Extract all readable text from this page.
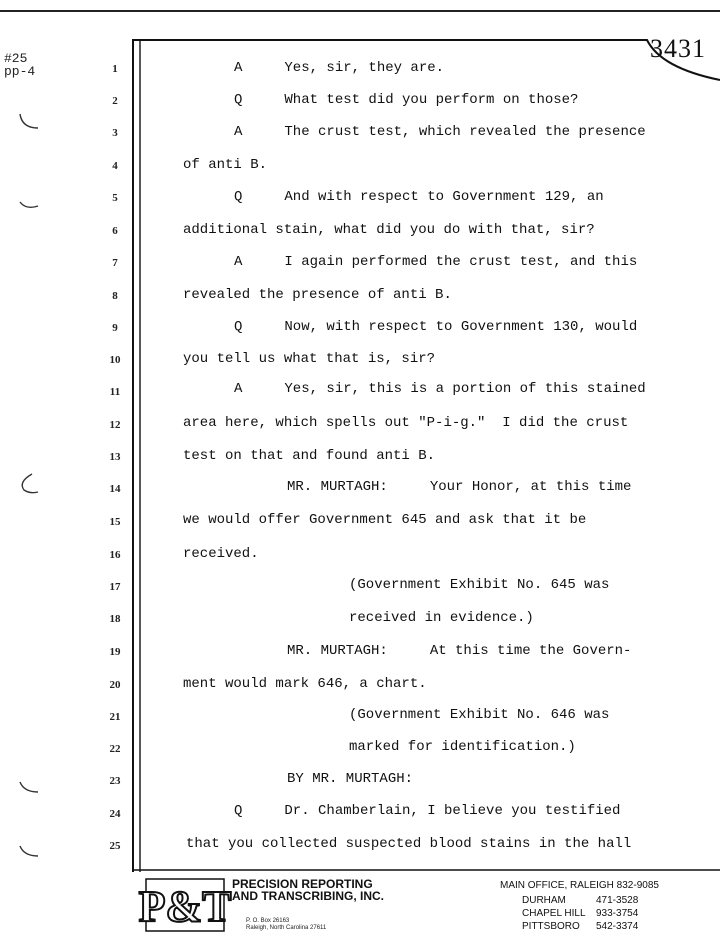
#25
pp-4
3431
1
2
3
4
5
6
7
8
9
10
11
12
13
14
15
16
17
18
19
20
21
22
23
24
25
A     Yes, sir, they are.
Q     What test did you perform on those?
A     The crust test, which revealed the presence
of anti B.
Q     And with respect to Government 129, an
additional stain, what did you do with that, sir?
A     I again performed the crust test, and this
revealed the presence of anti B.
Q     Now, with respect to Government 130, would
you tell us what that is, sir?
A     Yes, sir, this is a portion of this stained
area here, which spells out "P-i-g."  I did the crust
test on that and found anti B.
MR. MURTAGH:     Your Honor, at this time
we would offer Government 645 and ask that it be
received.
(Government Exhibit No. 645 was
received in evidence.)
MR. MURTAGH:     At this time the Govern-
ment would mark 646, a chart.
(Government Exhibit No. 646 was
marked for identification.)
BY MR. MURTAGH:
Q     Dr. Chamberlain, I believe you testified
that you collected suspected blood stains in the hall
P&T PRECISION REPORTING
AND TRANSCRIBING, INC.
P. O. Box 26163
Raleigh, North Carolina 27611
MAIN OFFICE, RALEIGH 832-9085
DURHAM	471-3528
CHAPEL HILL 933-3754
PITTSBORO 542-3374
